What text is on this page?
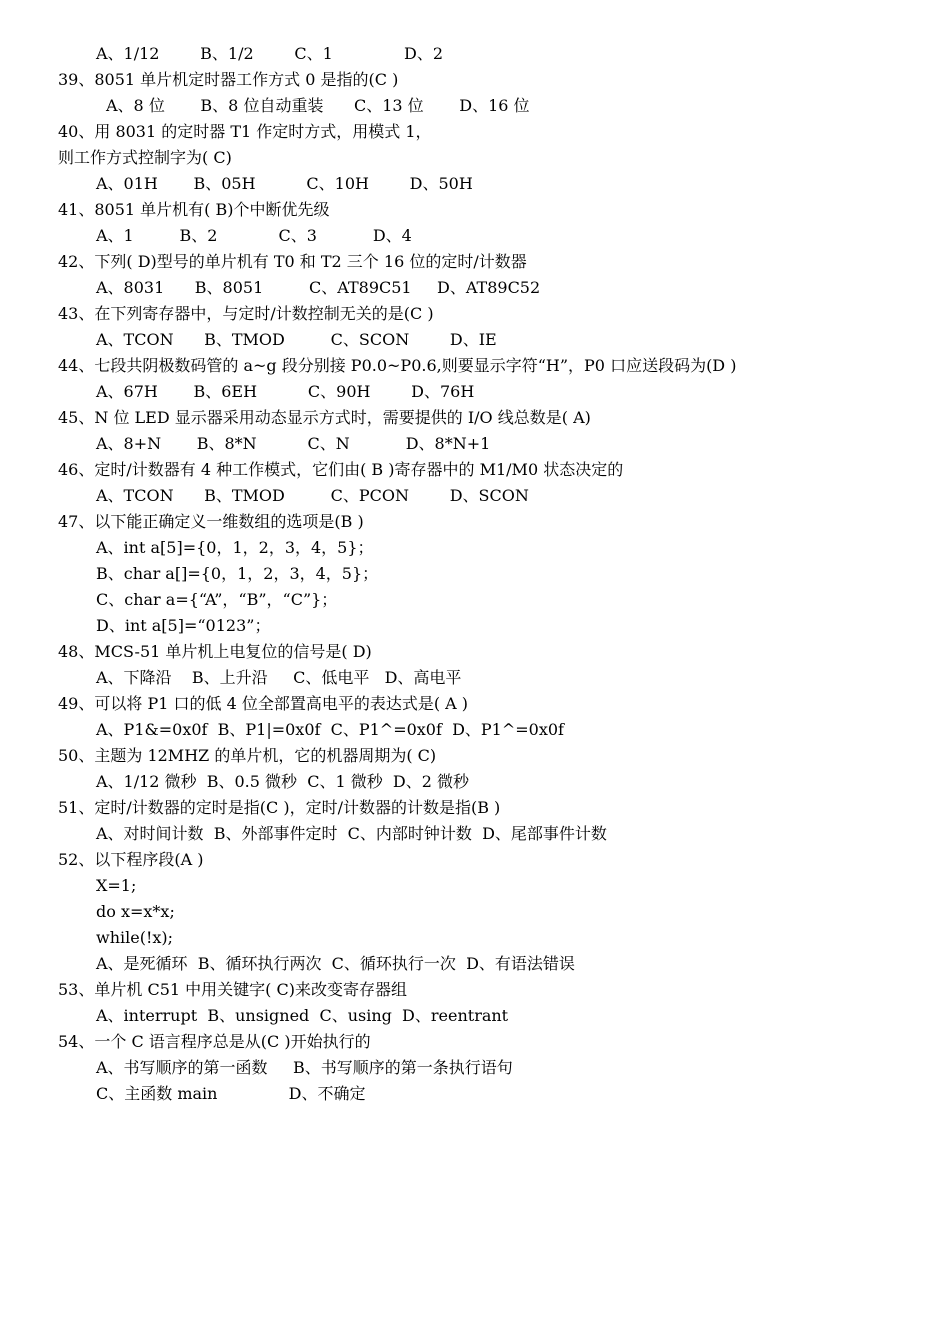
A、1/12        B、1/2        C、1              D、2
39、8051 单片机定时器工作方式 0 是指的(C )
A、8 位       B、8 位自动重装      C、13 位       D、16 位
40、用 8031 的定时器 T1 作定时方式，用模式 1，
则工作方式控制字为( C)
A、01H       B、05H          C、10H        D、50H
41、8051 单片机有( B)个中断优先级
A、1         B、2            C、3           D、4
42、下列( D)型号的单片机有 T0 和 T2 三个 16 位的定时/计数器
A、8031      B、8051         C、AT89C51     D、AT89C52
43、在下列寄存器中，与定时/计数控制无关的是(C )
A、TCON      B、TMOD         C、SCON        D、IE
44、七段共阴极数码管的 a~g 段分别接 P0.0~P0.6,则要显示字符“H”，P0 口应送段码为(D )
A、67H       B、6EH          C、90H        D、76H
45、N 位 LED 显示器采用动态显示方式时，需要提供的 I/O 线总数是( A)
A、8+N       B、8*N          C、N           D、8*N+1
46、定时/计数器有 4 种工作模式，它们由( B )寄存器中的 M1/M0 状态决定的
A、TCON      B、TMOD         C、PCON        D、SCON
47、以下能正确定义一维数组的选项是(B )
A、int a[5]={0，1，2，3，4，5}；
B、char a[]={0，1，2，3，4，5}；
C、char a={“A”，“B”，“C”}；
D、int a[5]=“0123”；
48、MCS-51 单片机上电复位的信号是( D)
A、下降沿    B、上升沿     C、低电平   D、高电平
49、可以将 P1 口的低 4 位全部置高电平的表达式是( A )
A、P1&=0x0f  B、P1|=0x0f  C、P1^=0x0f  D、P1^=0x0f
50、主题为 12MHZ 的单片机，它的机器周期为( C)
A、1/12 微秒  B、0.5 微秒  C、1 微秒  D、2 微秒
51、定时/计数器的定时是指(C )，定时/计数器的计数是指(B )
A、对时间计数  B、外部事件定时  C、内部时钟计数  D、尾部事件计数
52、以下程序段(A )
X=1;
do x=x*x;
while(!x);
A、是死循环  B、循环执行两次  C、循环执行一次  D、有语法错误
53、单片机 C51 中用关键字( C)来改变寄存器组
A、interrupt  B、unsigned  C、using  D、reentrant
54、一个 C 语言程序总是从(C )开始执行的
A、书写顺序的第一函数     B、书写顺序的第一条执行语句
C、主函数 main              D、不确定
